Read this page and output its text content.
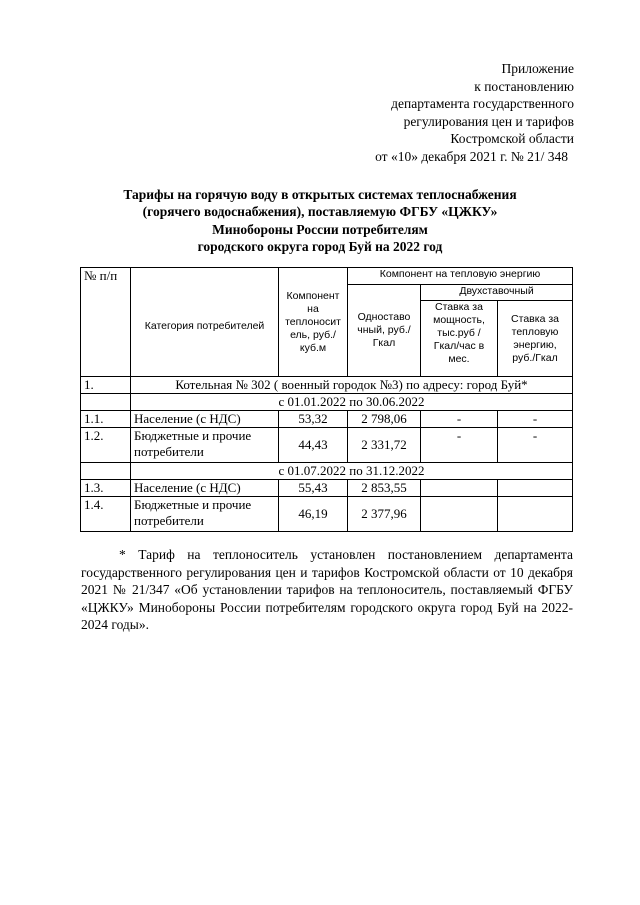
Приложение
к постановлению
департамента государственного
регулирования цен и тарифов
Костромской области
от «10» декабря 2021 г. № 21/ 348
Тарифы на горячую воду в открытых системах теплоснабжения
(горячего водоснабжения), поставляемую ФГБУ «ЦЖКУ»
Минобороны России потребителям
городского округа город Буй на 2022 год
№ п/п	Категория потребителей	Компонент на теплоносит ель, руб./куб.м	Компонент на тепловую энергию		
			Одноставо чный, руб./Гкал	Двухставочный	
				Ставка за мощность, тыс.руб / Гкал/час в мес.	Ставка за тепловую энергию, руб./Гкал
1.	Котельная № 302 ( военный городок №3) по адресу: город Буй*				
	с 01.01.2022 по 30.06.2022				
1.1.	Население (с НДС)	53,32	2 798,06	-	-
1.2.	Бюджетные и прочие потребители	44,43	2 331,72	-	-
	с 01.07.2022 по 31.12.2022				
1.3.	Население (с НДС)	55,43	2 853,55		
1.4.	Бюджетные и прочие потребители	46,19	2 377,96		
* Тариф на теплоноситель установлен постановлением департамента государственного регулирования цен и тарифов Костромской области от 10 декабря 2021 № 21/347 «Об установлении тарифов на теплоноситель, поставляемый ФГБУ «ЦЖКУ» Минобороны России потребителям городского округа город Буй на 2022-2024 годы».
